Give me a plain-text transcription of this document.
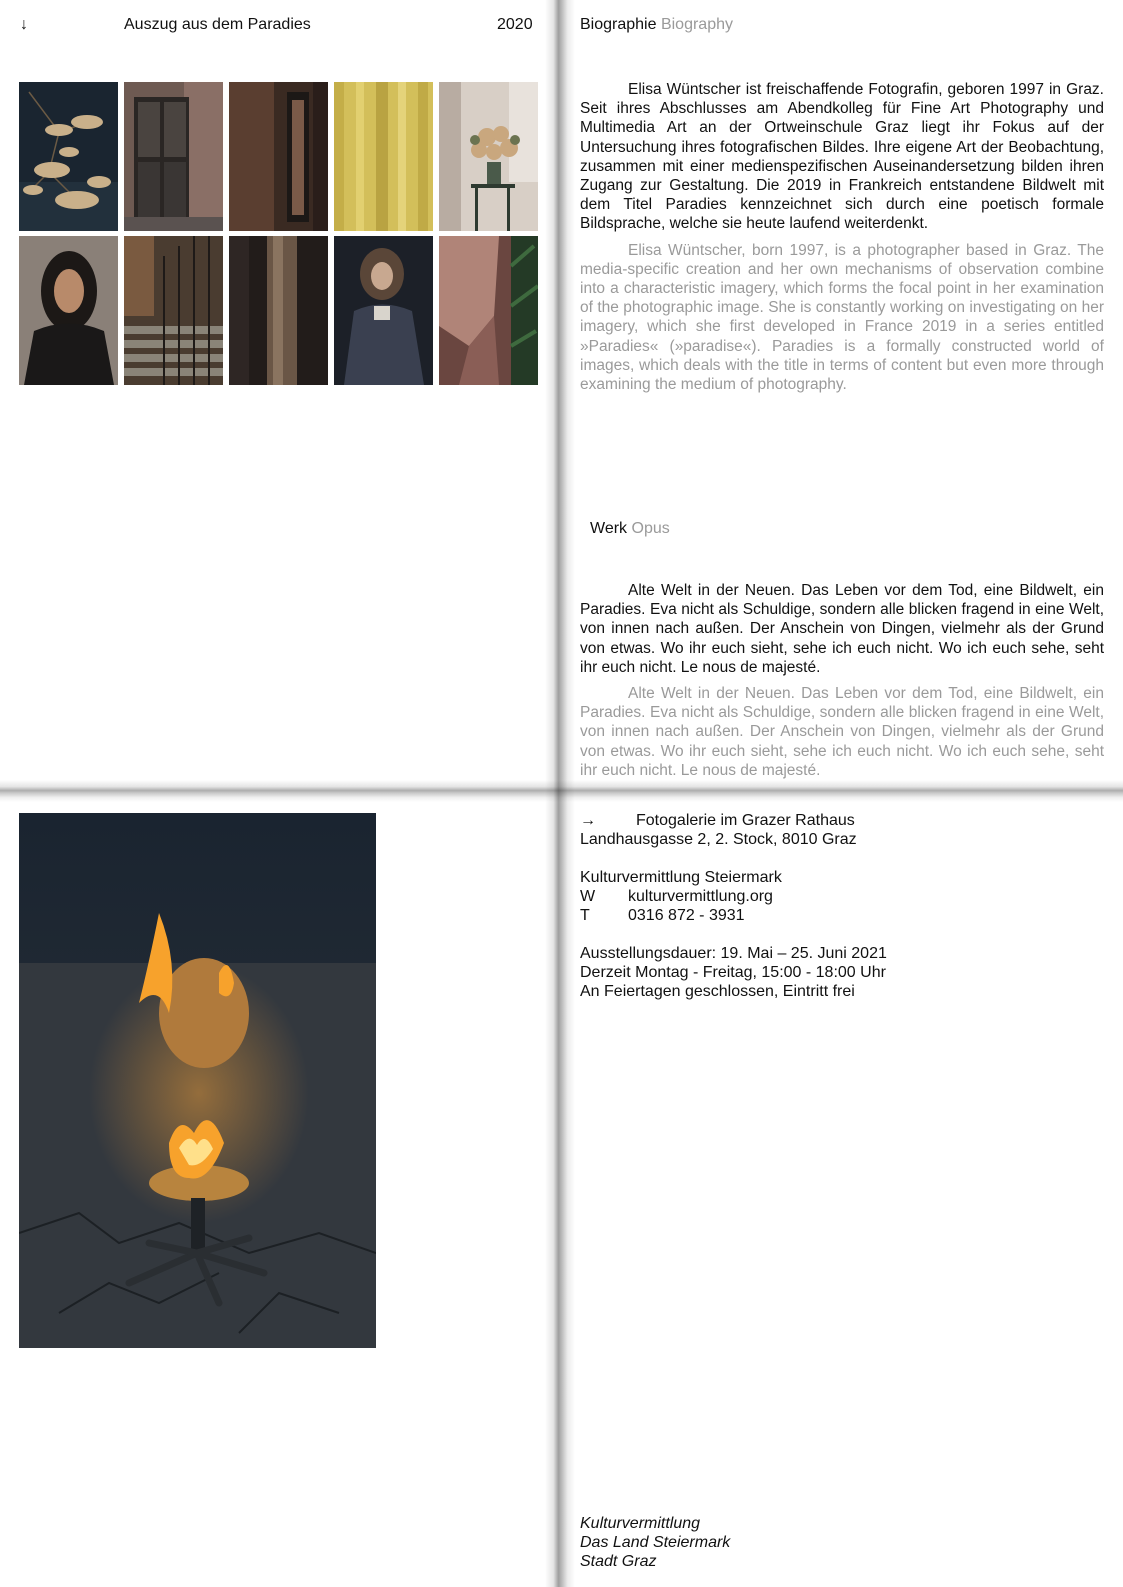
↓	Auszug aus dem Paradies	2020	Biographie Biography

Elisa Wüntscher ist freischaffende Fotografin, geboren 1997 in Graz. Seit ihres Abschlusses am Abendkolleg für Fine Art Photography und Multimedia Art an der Ortweinschule Graz liegt ihr Fokus auf der Untersuchung ihres fotografischen Bildes. Ihre eigene Art der Beobachtung, zusammen mit einer medienspezifischen Auseinandersetzung bilden ihren Zugang zur Gestaltung. Die 2019 in Frankreich entstandene Bildwelt mit dem Titel Paradies kennzeichnet sich durch eine poetisch formale Bildsprache, welche sie heute laufend weiterdenkt.

Elisa Wüntscher, born 1997, is a photographer based in Graz. The media-specific creation and her own mechanisms of observation combine into a characteristic imagery, which forms the focal point in her examination of the photographic image. She is constantly working on investigating on her imagery, which she first developed in France 2019 in a series entitled »Paradies« (»paradise«). Paradies is a formally constructed world of images, which deals with the title in terms of content but even more through examining the medium of photography.

Werk Opus

Alte Welt in der Neuen. Das Leben vor dem Tod, eine Bildwelt, ein Paradies. Eva nicht als Schuldige, sondern alle blicken fragend in eine Welt, von innen nach außen. Der Anschein von Dingen, vielmehr als der Grund von etwas. Wo ihr euch sieht, sehe ich euch nicht. Wo ich euch sehe, seht ihr euch nicht. Le nous de majesté.

Alte Welt in der Neuen. Das Leben vor dem Tod, eine Bildwelt, ein Paradies. Eva nicht als Schuldige, sondern alle blicken fragend in eine Welt, von innen nach außen. Der Anschein von Dingen, vielmehr als der Grund von etwas. Wo ihr euch sieht, sehe ich euch nicht. Wo ich euch sehe, seht ihr euch nicht. Le nous de majesté.

→	Fotogalerie im Grazer Rathaus
Landhausgasse 2, 2. Stock, 8010 Graz
Kulturvermittlung Steiermark
W	kulturvermittlung.org
T	0316 872 - 3931
Ausstellungsdauer: 19. Mai – 25. Juni 2021
Derzeit Montag - Freitag, 15:00 - 18:00 Uhr
An Feiertagen geschlossen, Eintritt frei
Kulturvermittlung
Das Land Steiermark
Stadt Graz
